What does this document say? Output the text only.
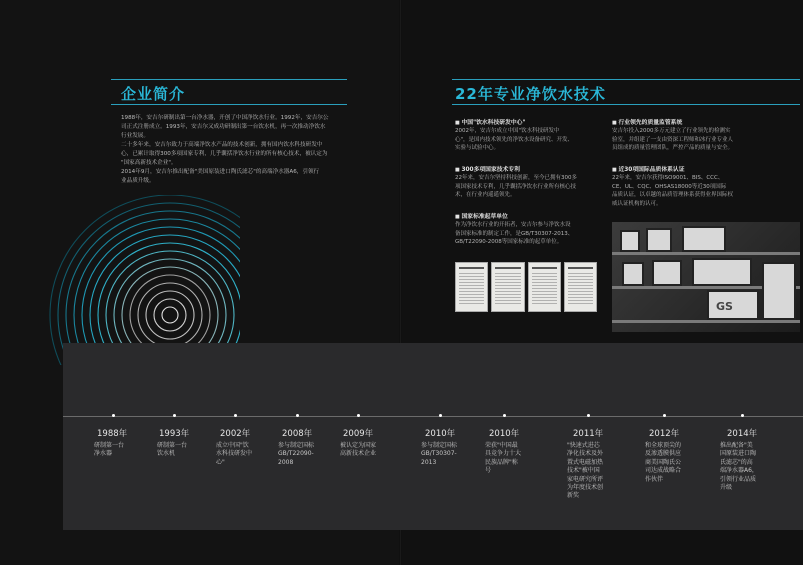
企业简介
1988年，安吉尔研制出第一台净水器，开创了中国净饮水行业。1992年，安吉尔公
司正式注册成立。1993年，安吉尔又成功研制出第一台饮水机，再一次推动净饮水
行业发展。
二十多年来，安吉尔致力于高端净饮水产品的技术创新，拥有国内饮水科技研发中
心，已累计取得300多项国家专利，几乎囊括净饮水行业的所有核心技术，被认定为
"国家高新技术企业"。
2014年9月，安吉尔推出配备"美国原装进口陶氏滤芯"的高端净水器A6，引领行
业品质升级。
22年专业净饮水技术
■ 中国"饮水科技研发中心"
2002年，安吉尔成立中国"饮水科技研发中
心"，是国内技术领先的净饮水设备研究、开发、
实验与试验中心。
■ 300多项国家技术专利
22年来，安吉尔坚持科技创新，至今已拥有300多
项国家技术专利，几乎囊括净饮水行业所有核心技
术，在行业内遥遥领先。
■ 国家标准起草单位
作为净饮水行业的开拓者，安吉尔参与净饮水设
备国家标准的制定工作，是GB/T30307-2013、
GB/T22090-2008等国家标准的起草单位。
■ 行业领先的质量监管系统
安吉尔投入2000多万元建立了行业领先的检测实
验室，并组建了一支由资深工程师和冰行业专业人
员组成的质量管理团队，严控产品的质量与安全。
■ 近30项国际品质体系认证
22年来，安吉尔获得ISO9001、BIS、CCC、
CE、UL、CQC、OHSAS18000等近30项国际
品质认证，以卓越的品质管理体系获得业界国际权
威认证机构的认可。
GS
1988年
研制第一台
净水器
1993年
研制第一台
饮水机
2002年
成立中国"饮
水科技研发中
心"
2008年
参与制定国标
GB/T22090-
2008
2009年
被认定为国家
高新技术企业
2010年
参与制定国标
GB/T30307-
2013
2010年
荣获"中国最
具竞争力十大
民族品牌"称
号
2011年
"快速式进芯
净化技术及外
置式电磁加热
技术"被中国
家电研究所评
为年度技术创
新奖
2012年
和全球顶尖的
反渗透膜供应
商美国陶氏公
司达成战略合
作伙伴
2014年
推出配备"美
国原装进口陶
氏滤芯"的高
端净水器A6，
引领行业品质
升级
